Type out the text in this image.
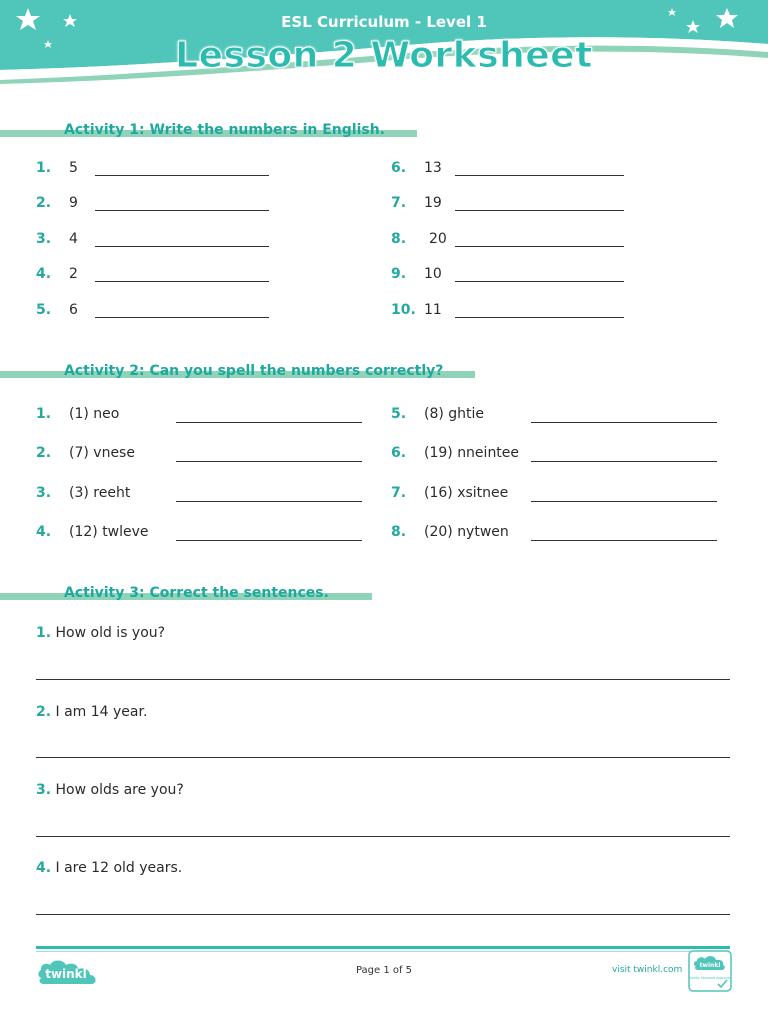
ESL Curriculum - Level 1
Lesson 2 Worksheet
Activity 1: Write the numbers in English.
1. 5
2. 9
3. 4
4. 2
5. 6
6. 13
7. 19
8. 20
9. 10
10. 11
Activity 2: Can you spell the numbers correctly?
1. (1) neo
2. (7) vnese
3. (3) reeht
4. (12) twleve
5. (8) ghtie
6. (19) nneintee
7. (16) xsitnee
8. (20) nytwen
Activity 3: Correct the sentences.
1. How old is you?
2. I am 14 year.
3. How olds are you?
4. I are 12 old years.
twinkl	Page 1 of 5	visit twinkl.com	twinkl
Quality Standard Approved
